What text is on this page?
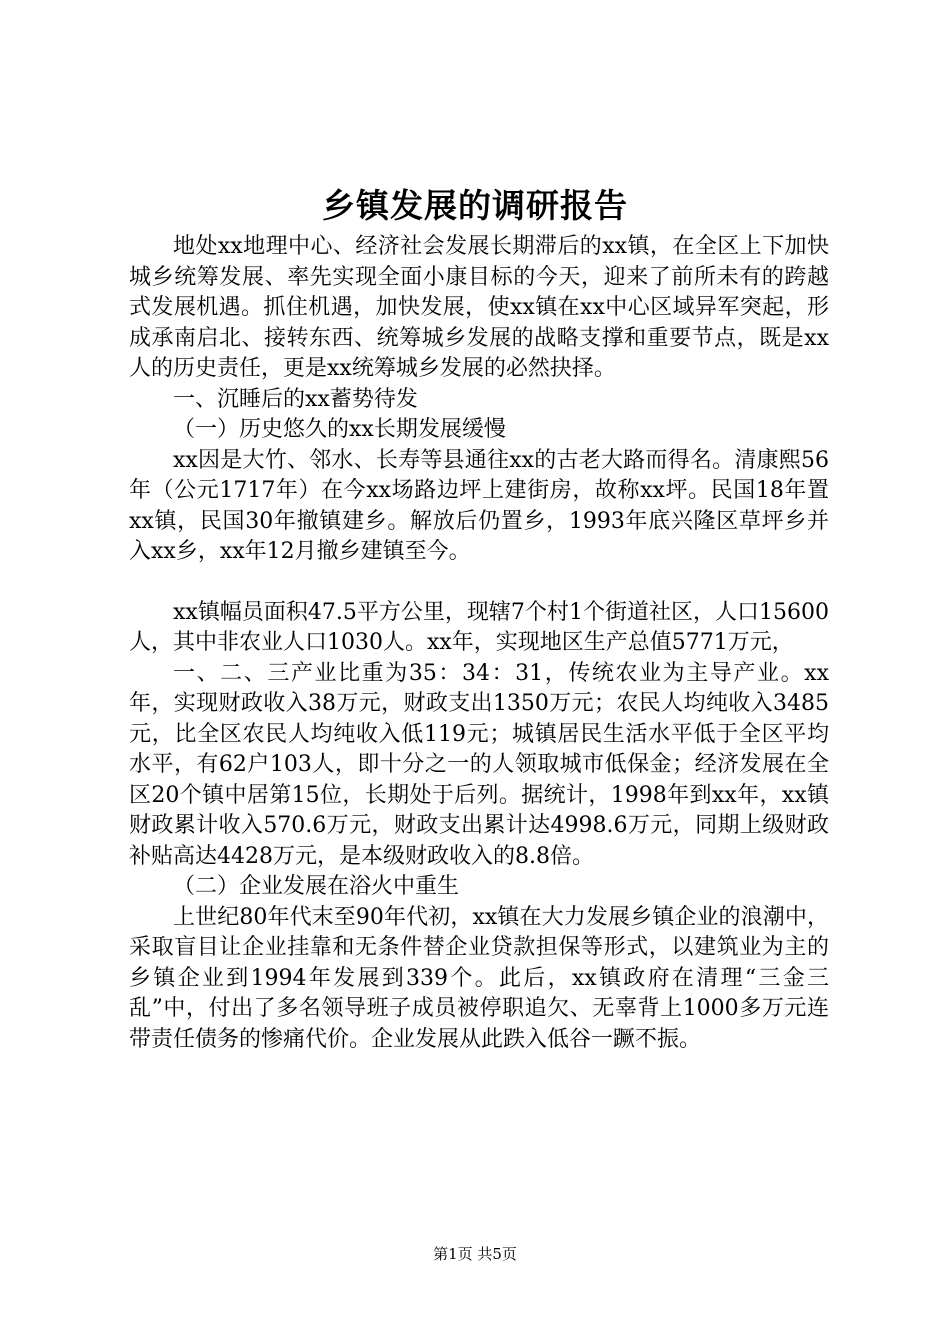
乡镇发展的调研报告

地处xx地理中心、经济社会发展长期滞后的xx镇，在全区上下加快城乡统筹发展、率先实现全面小康目标的今天，迎来了前所未有的跨越式发展机遇。抓住机遇，加快发展，使xx镇在xx中心区域异军突起，形成承南启北、接转东西、统筹城乡发展的战略支撑和重要节点，既是xx人的历史责任，更是xx统筹城乡发展的必然抉择。

一、沉睡后的xx蓄势待发

（一）历史悠久的xx长期发展缓慢

xx因是大竹、邻水、长寿等县通往xx的古老大路而得名。清康熙56年（公元1717年）在今xx场路边坪上建街房，故称xx坪。民国18年置xx镇，民国30年撤镇建乡。解放后仍置乡，1993年底兴隆区草坪乡并入xx乡，xx年12月撤乡建镇至今。

xx镇幅员面积47.5平方公里，现辖7个村1个街道社区，人口15600人，其中非农业人口1030人。xx年，实现地区生产总值5771万元，

一、二、三产业比重为35：34：31，传统农业为主导产业。xx年，实现财政收入38万元，财政支出1350万元；农民人均纯收入3485元，比全区农民人均纯收入低119元；城镇居民生活水平低于全区平均水平，有62户103人，即十分之一的人领取城市低保金；经济发展在全区20个镇中居第15位，长期处于后列。据统计，1998年到xx年，xx镇财政累计收入570.6万元，财政支出累计达4998.6万元，同期上级财政补贴高达4428万元，是本级财政收入的8.8倍。

（二）企业发展在浴火中重生

上世纪80年代末至90年代初，xx镇在大力发展乡镇企业的浪潮中，采取盲目让企业挂靠和无条件替企业贷款担保等形式，以建筑业为主的乡镇企业到1994年发展到339个。此后，xx镇政府在清理“三金三乱”中，付出了多名领导班子成员被停职追欠、无辜背上1000多万元连带责任债务的惨痛代价。企业发展从此跌入低谷一蹶不振。

第1页 共5页
